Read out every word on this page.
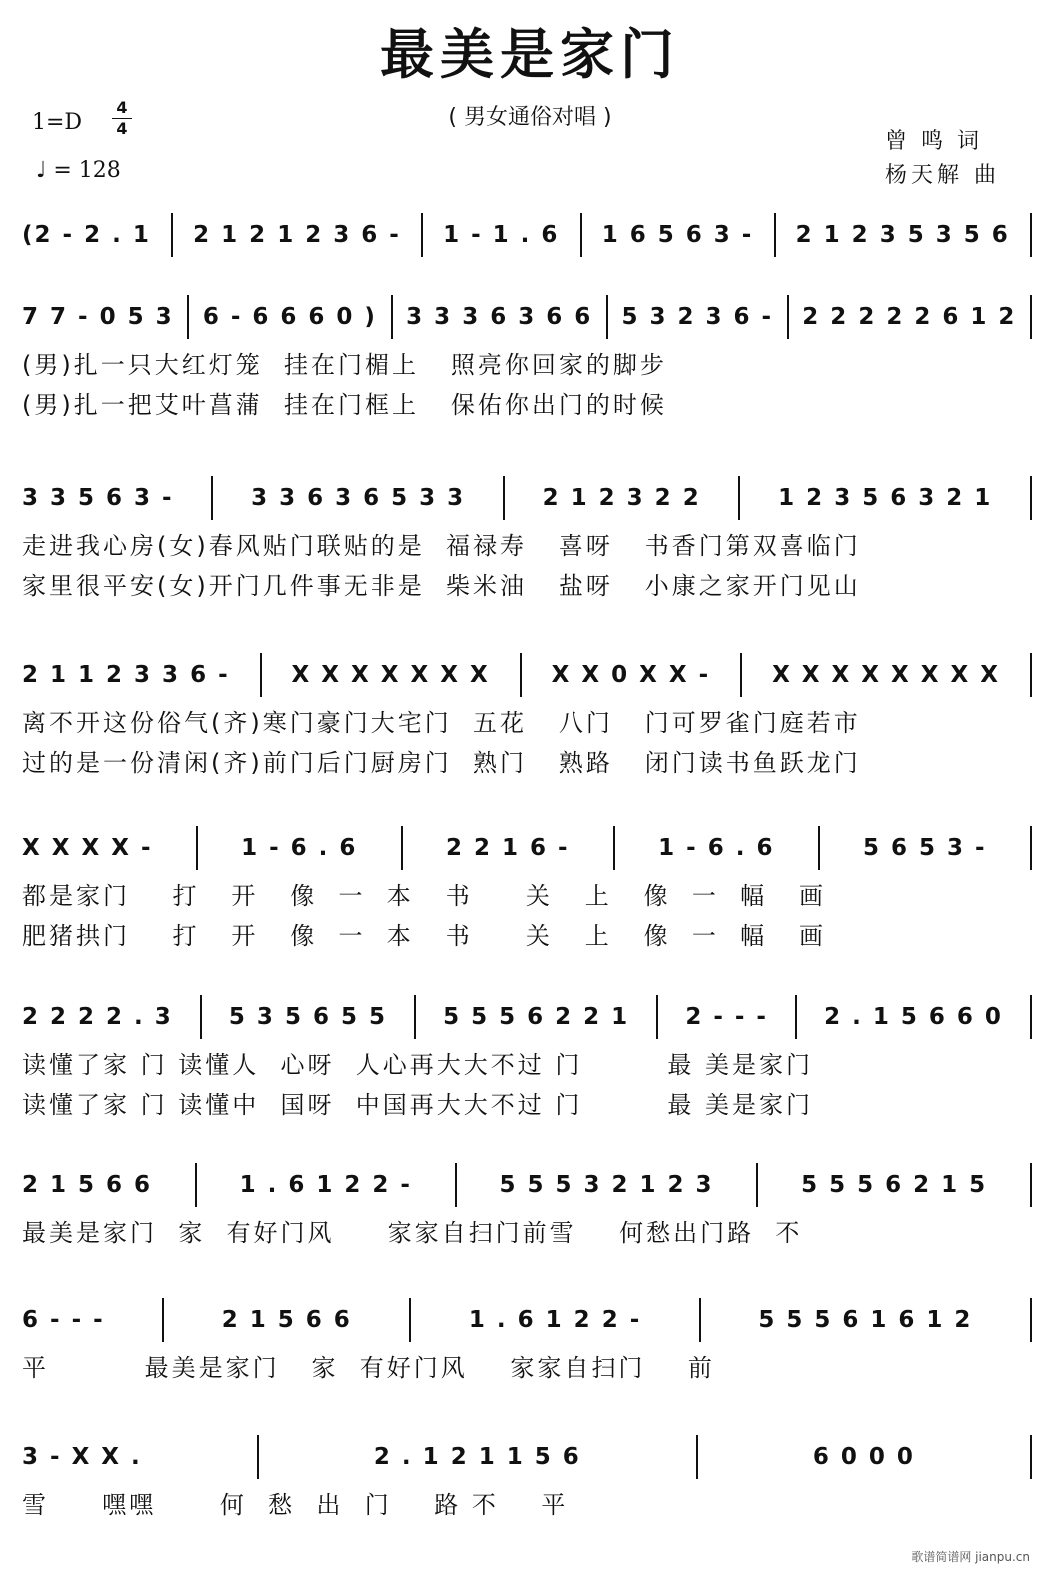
最美是家门
( 男女通俗对唱 )
1=D
4
4
♩ = 128
曾鸣词
杨天解 曲
(2 - 2 . 1 2 1 2 1 2 3 6 - 1 - 1 . 6 1 6 5 6 3 - 2 1 2 3 5 3 5 6
7 7 - 0 5 3 6 - 6 6 6 0 ) 3 3 3 6 3 6 6 5 3 2 3 6 - 2 2 2 2 2 6 1 2
(男)扎一只大红灯笼  挂在门楣上   照亮你回家的脚步
(男)扎一把艾叶菖蒲  挂在门框上   保佑你出门的时候
3 3 5 6 3 -	3 3 6 3 6 5 3 3	2 1 2 3 2 2	1 2 3 5 6 3 2 1
走进我心房(女)春风贴门联贴的是  福禄寿   喜呀   书香门第双喜临门
家里很平安(女)开门几件事无非是  柴米油   盐呀   小康之家开门见山
2 1 1 2 3 3 6 -	X X X X X X X	X X 0 X X -	X X X X X X X X
离不开这份俗气(齐)寒门豪门大宅门  五花   八门   门可罗雀门庭若市
过的是一份清闲(齐)前门后门厨房门  熟门   熟路   闭门读书鱼跃龙门
X X X X -	1 - 6 . 6	2 2 1 6 -	1 - 6 . 6	5 6 5 3 -
都是家门    打   开   像  一  本   书     关   上   像  一  幅   画
肥猪拱门    打   开   像  一  本   书     关   上   像  一  幅   画
2 2 2 2 . 3 5 3 5 6 5 5 5 5 5 6 2 2 1 2 - - - 2 . 1 5 6 6 0
读懂了家 门 读懂人  心呀  人心再大大不过 门        最 美是家门
读懂了家 门 读懂中  国呀  中国再大大不过 门        最 美是家门
2 1 5 6 6	1 . 6 1 2 2 -	5 5 5 3 2 1 2 3	5 5 5 6 2 1 5
最美是家门  家  有好门风     家家自扫门前雪    何愁出门路  不
6 - - -	2 1 5 6 6	1 . 6 1 2 2 -	5 5 5 6 1 6 1 2
平         最美是家门   家  有好门风    家家自扫门    前
3 - X X .	2 . 1 2 1 1 5 6	6 0 0 0
雪     嘿嘿      何  愁  出  门    路 不    平
歌谱简谱网 jianpu.cn
